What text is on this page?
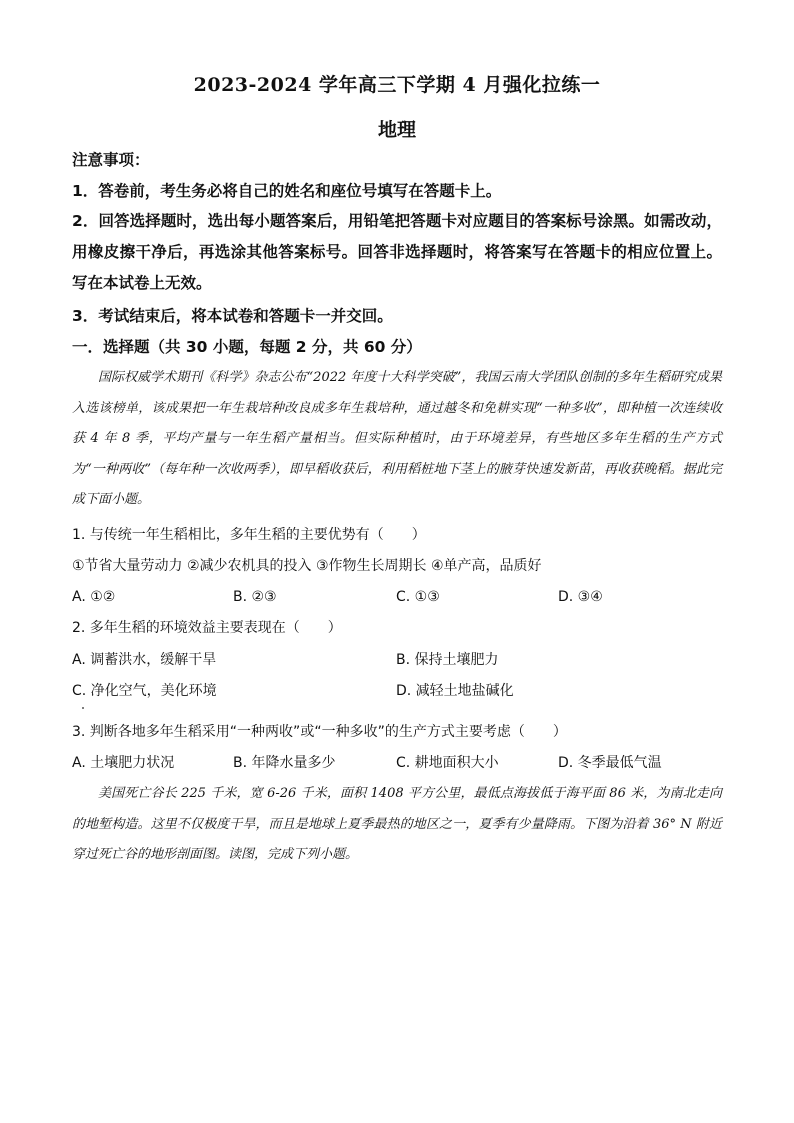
2023-2024 学年高三下学期 4 月强化拉练一
地理
注意事项：
1．答卷前，考生务必将自己的姓名和座位号填写在答题卡上。
2．回答选择题时，选出每小题答案后，用铅笔把答题卡对应题目的答案标号涂黑。如需改动，用橡皮擦干净后，再选涂其他答案标号。回答非选择题时，将答案写在答题卡的相应位置上。写在本试卷上无效。
3．考试结束后，将本试卷和答题卡一并交回。
一．选择题（共 30 小题，每题 2 分，共 60 分）
国际权威学术期刊《科学》杂志公布“2022 年度十大科学突破”，我国云南大学团队创制的多年生稻研究成果入选该榜单，该成果把一年生栽培种改良成多年生栽培种，通过越冬和免耕实现“一种多收”，即种植一次连续收获 4 年 8 季，平均产量与一年生稻产量相当。但实际种植时，由于环境差异，有些地区多年生稻的生产方式为“一种两收”（每年种一次收两季），即早稻收获后，利用稻桩地下茎上的腋芽快速发新苗，再收获晚稻。据此完成下面小题。
1. 与传统一年生稻相比，多年生稻的主要优势有（　　）
①节省大量劳动力 ②减少农机具的投入 ③作物生长周期长 ④单产高，品质好
A. ①②	B. ②③	C. ①③	D. ③④
2. 多年生稻的环境效益主要表现在（　　）
A. 调蓄洪水，缓解干旱	B. 保持土壤肥力
C. 净化空气，美化环境	D. 减轻土地盐碱化
3. 判断各地多年生稻采用“一种两收”或“一种多收”的生产方式主要考虑（　　）
A. 土壤肥力状况	B. 年降水量多少	C. 耕地面积大小	D. 冬季最低气温
美国死亡谷长 225 千米，宽 6-26 千米，面积 1408 平方公里，最低点海拔低于海平面 86 米，为南北走向的地堑构造。这里不仅极度干旱，而且是地球上夏季最热的地区之一，夏季有少量降雨。下图为沿着 36° N 附近穿过死亡谷的地形剖面图。读图，完成下列小题。
